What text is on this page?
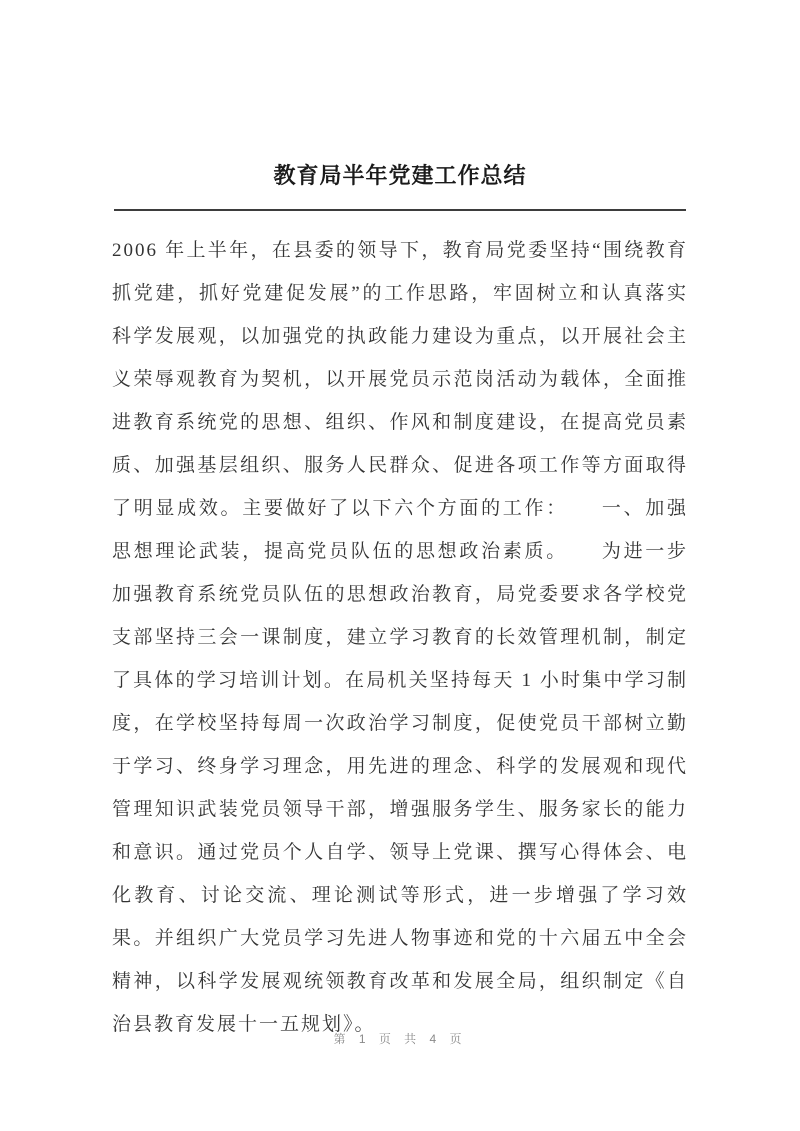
教育局半年党建工作总结

2006 年上半年，在县委的领导下，教育局党委坚持“围绕教育抓党建，抓好党建促发展”的工作思路，牢固树立和认真落实科学发展观，以加强党的执政能力建设为重点，以开展社会主义荣辱观教育为契机，以开展党员示范岗活动为载体，全面推进教育系统党的思想、组织、作风和制度建设，在提高党员素质、加强基层组织、服务人民群众、促进各项工作等方面取得了明显成效。主要做好了以下六个方面的工作：　　一、加强思想理论武装，提高党员队伍的思想政治素质。　　为进一步加强教育系统党员队伍的思想政治教育，局党委要求各学校党支部坚持三会一课制度，建立学习教育的长效管理机制，制定了具体的学习培训计划。在局机关坚持每天 1 小时集中学习制度，在学校坚持每周一次政治学习制度，促使党员干部树立勤于学习、终身学习理念，用先进的理念、科学的发展观和现代管理知识武装党员领导干部，增强服务学生、服务家长的能力和意识。通过党员个人自学、领导上党课、撰写心得体会、电化教育、讨论交流、理论测试等形式，进一步增强了学习效果。并组织广大党员学习先进人物事迹和党的十六届五中全会精神，以科学发展观统领教育改革和发展全局，组织制定《自治县教育发展十一五规划》。

第 1 页 共 4 页
